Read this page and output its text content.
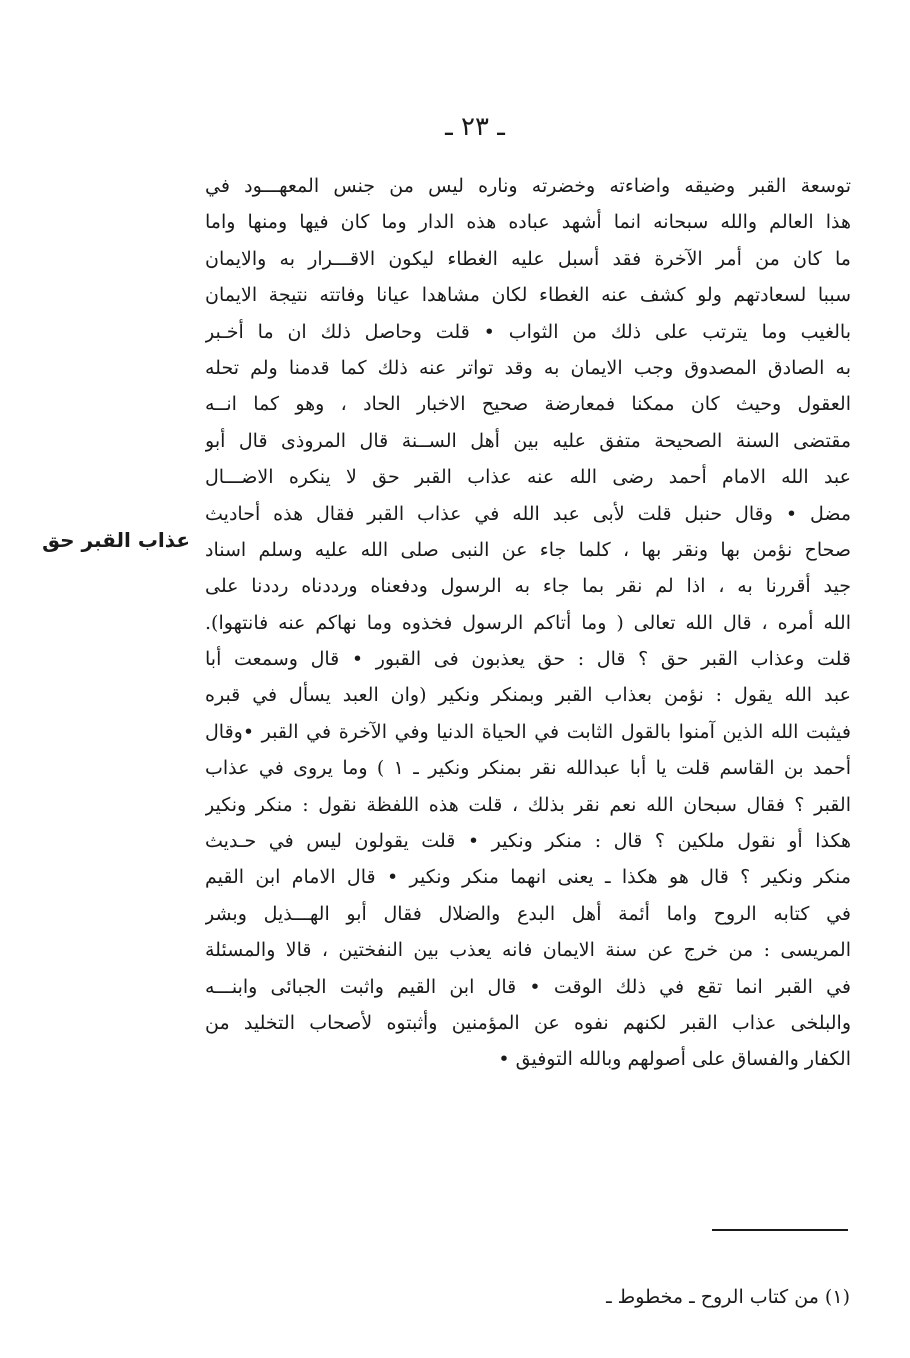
ـ ٢٣ ـ
عذاب القبر حق
توسعة القبر وضيقه واضاءته وخضرته وناره ليس من جنس المعهـــود في
هذا العالم والله سبحانه انما أشهد عباده هذه الدار وما كان فيها ومنها واما
ما كان من أمر الآخرة فقد أسبل عليه الغطاء ليكون الاقـــرار به والايمان
سببا لسعادتهم ولو كشف عنه الغطاء لكان مشاهدا عيانا وفاتته نتيجة الايمان
بالغيب وما يترتب على ذلك من الثواب • قلت وحاصل ذلك ان ما أخـبر
به الصادق المصدوق وجب الايمان به وقد تواتر عنه ذلك كما قدمنا ولم تحله
العقول وحيث كان ممكنا فمعارضة صحيح الاخبار الحاد ، وهو كما انــه
مقتضى السنة الصحيحة متفق عليه بين أهل الســنة قال المروذى قال أبو
عبد الله الامام أحمد رضى الله عنه عذاب القبر حق لا ينكره الاضـــال
مضل • وقال حنبل قلت لأبى عبد الله في عذاب القبر فقال هذه أحاديث
صحاح نؤمن بها ونقر بها ، كلما جاء عن النبى صلى الله عليه وسلم اسناد
جيد أقررنا به ، اذا لم نقر بما جاء به الرسول ودفعناه ورددناه رددنا على
الله أمره ، قال الله تعالى ( وما أتاكم الرسول فخذوه وما نهاكم عنه فانتهوا).
قلت وعذاب القبر حق ؟ قال : حق يعذبون فى القبور • قال وسمعت أبا
عبد الله يقول : نؤمن بعذاب القبر وبمنكر ونكير (وان العبد يسأل في قبره
فيثبت الله الذين آمنوا بالقول الثابت في الحياة الدنيا وفي الآخرة في القبر •وقال
أحمد بن القاسم قلت يا أبا عبدالله نقر بمنكر ونكير ـ ١ ) وما يروى في عذاب
القبر ؟ فقال سبحان الله نعم نقر بذلك ، قلت هذه اللفظة نقول : منكر ونكير
هكذا أو نقول ملكين ؟ قال : منكر ونكير • قلت يقولون ليس في حـديث
منكر ونكير ؟ قال هو هكذا ـ يعنى انهما منكر ونكير • قال الامام ابن القيم
في كتابه الروح واما أئمة أهل البدع والضلال فقال أبو الهـــذيل وبشر
المريسى : من خرج عن سنة الايمان فانه يعذب بين النفختين ، قالا والمسئلة
في القبر انما تقع في ذلك الوقت • قال ابن القيم واثبت الجبائى وابنـــه
والبلخى عذاب القبر لكنهم نفوه عن المؤمنين وأثبتوه لأصحاب التخليد من
الكفار والفساق على أصولهم وبالله التوفيق •
(١) من كتاب الروح ـ مخطوط ـ
